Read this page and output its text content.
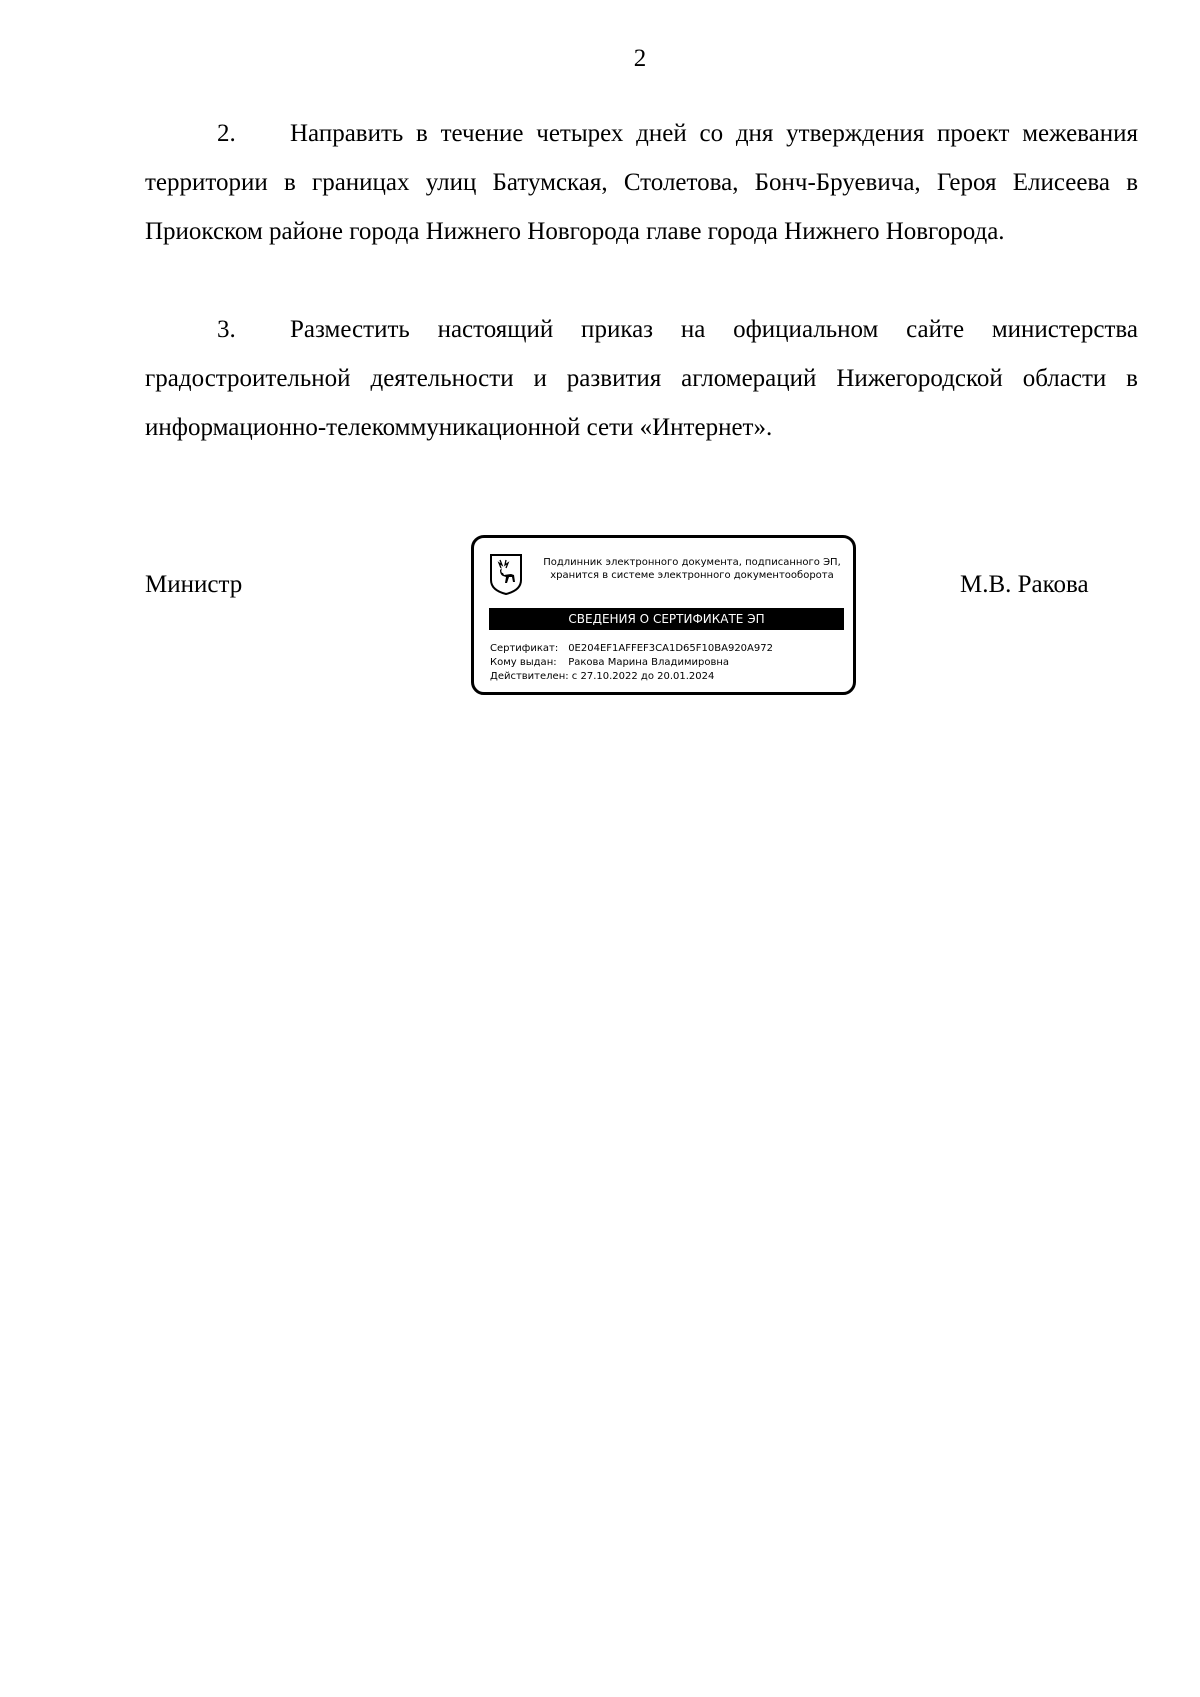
2
2. Направить в течение четырех дней со дня утверждения проект межевания территории в границах улиц Батумская, Столетова, Бонч-Бруевича, Героя Елисеева в Приокском районе города Нижнего Новгорода главе города Нижнего Новгорода.
3. Разместить настоящий приказ на официальном сайте министерства градостроительной деятельности и развития агломераций Нижегородской области в информационно-телекоммуникационной сети «Интернет».
Министр	М.В. Ракова
Подлинник электронного документа, подписанного ЭП,
хранится в системе электронного документооборота
СВЕДЕНИЯ О СЕРТИФИКАТЕ ЭП
Сертификат: 0E204EF1AFFEF3CA1D65F10BA920A972
Кому выдан: Ракова Марина Владимировна
Действителен: с 27.10.2022 до 20.01.2024
